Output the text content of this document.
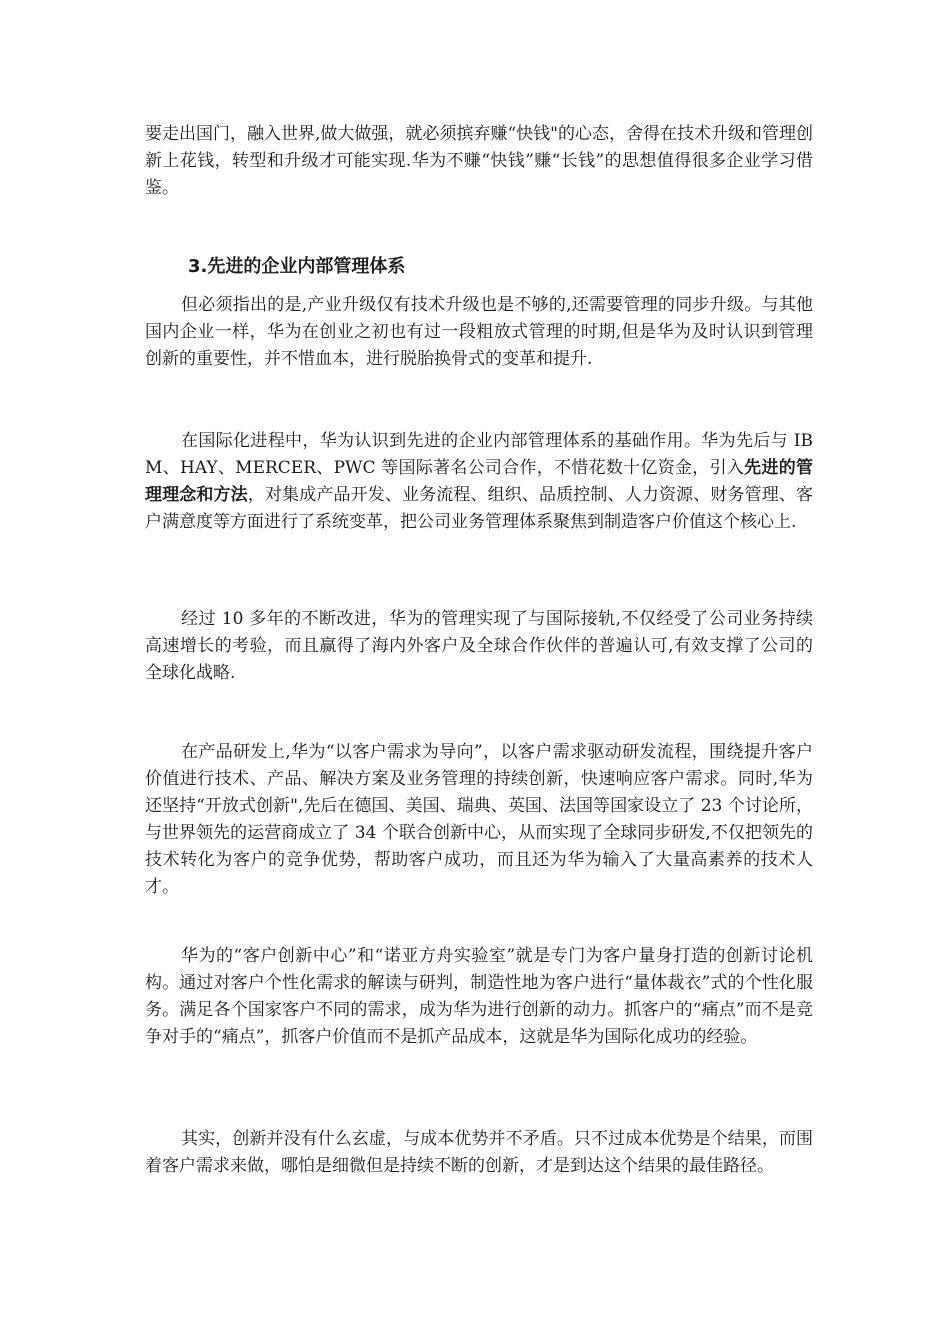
要走出国门，融入世界,做大做强，就必须摈弃赚“快钱"的心态，舍得在技术升级和管理创新上花钱，转型和升级才可能实现.华为不赚“快钱”赚“长钱”的思想值得很多企业学习借鉴。

3.先进的企业内部管理体系

但必须指出的是,产业升级仅有技术升级也是不够的,还需要管理的同步升级。与其他国内企业一样，华为在创业之初也有过一段粗放式管理的时期,但是华为及时认识到管理创新的重要性，并不惜血本，进行脱胎换骨式的变革和提升.

在国际化进程中，华为认识到先进的企业内部管理体系的基础作用。华为先后与 IBM、HAY、MERCER、PWC 等国际著名公司合作，不惜花数十亿资金，引入先进的管理理念和方法，对集成产品开发、业务流程、组织、品质控制、人力资源、财务管理、客户满意度等方面进行了系统变革，把公司业务管理体系聚焦到制造客户价值这个核心上.

经过 10 多年的不断改进，华为的管理实现了与国际接轨,不仅经受了公司业务持续高速增长的考验，而且赢得了海内外客户及全球合作伙伴的普遍认可,有效支撑了公司的全球化战略.

在产品研发上,华为“以客户需求为导向”，以客户需求驱动研发流程，围绕提升客户价值进行技术、产品、解决方案及业务管理的持续创新，快速响应客户需求。同时,华为还坚持“开放式创新",先后在德国、美国、瑞典、英国、法国等国家设立了 23 个讨论所，与世界领先的运营商成立了 34 个联合创新中心，从而实现了全球同步研发,不仅把领先的技术转化为客户的竞争优势，帮助客户成功，而且还为华为输入了大量高素养的技术人才。

华为的“客户创新中心”和“诺亚方舟实验室”就是专门为客户量身打造的创新讨论机构。通过对客户个性化需求的解读与研判，制造性地为客户进行“量体裁衣”式的个性化服务。满足各个国家客户不同的需求，成为华为进行创新的动力。抓客户的“痛点”而不是竞争对手的“痛点”，抓客户价值而不是抓产品成本，这就是华为国际化成功的经验。

其实，创新并没有什么玄虚，与成本优势并不矛盾。只不过成本优势是个结果，而围着客户需求来做，哪怕是细微但是持续不断的创新，才是到达这个结果的最佳路径。
